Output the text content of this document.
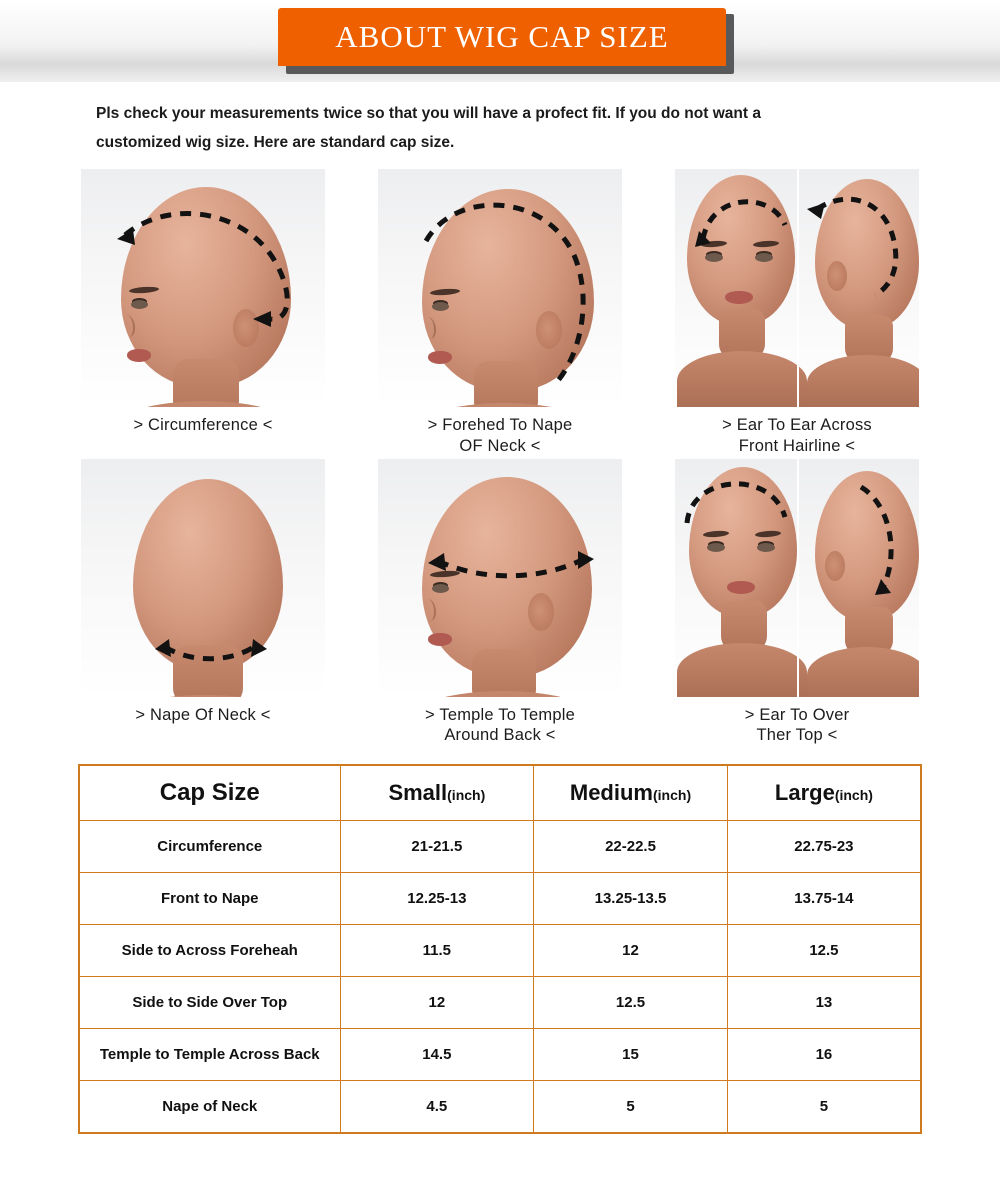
ABOUT WIG CAP SIZE
Pls check your measurements twice so that you will have a profect fit. If you do not want a
customized wig size. Here are standard cap size.
> Circumference <	> Forehed To Nape
OF Neck <
> Ear To Ear Across
Front Hairline <
> Nape Of Neck <	> Temple To Temple
Around Back <
> Ear To Over
Ther Top <
Cap Size	Small(inch)	Medium(inch)	Large(inch)
Circumference	21-21.5	22-22.5	22.75-23
Front to Nape	12.25-13	13.25-13.5	13.75-14
Side to Across Foreheah	11.5	12	12.5
Side to Side Over Top	12	12.5	13
Temple to Temple Across Back	14.5	15	16
Nape of Neck	4.5	5	5
